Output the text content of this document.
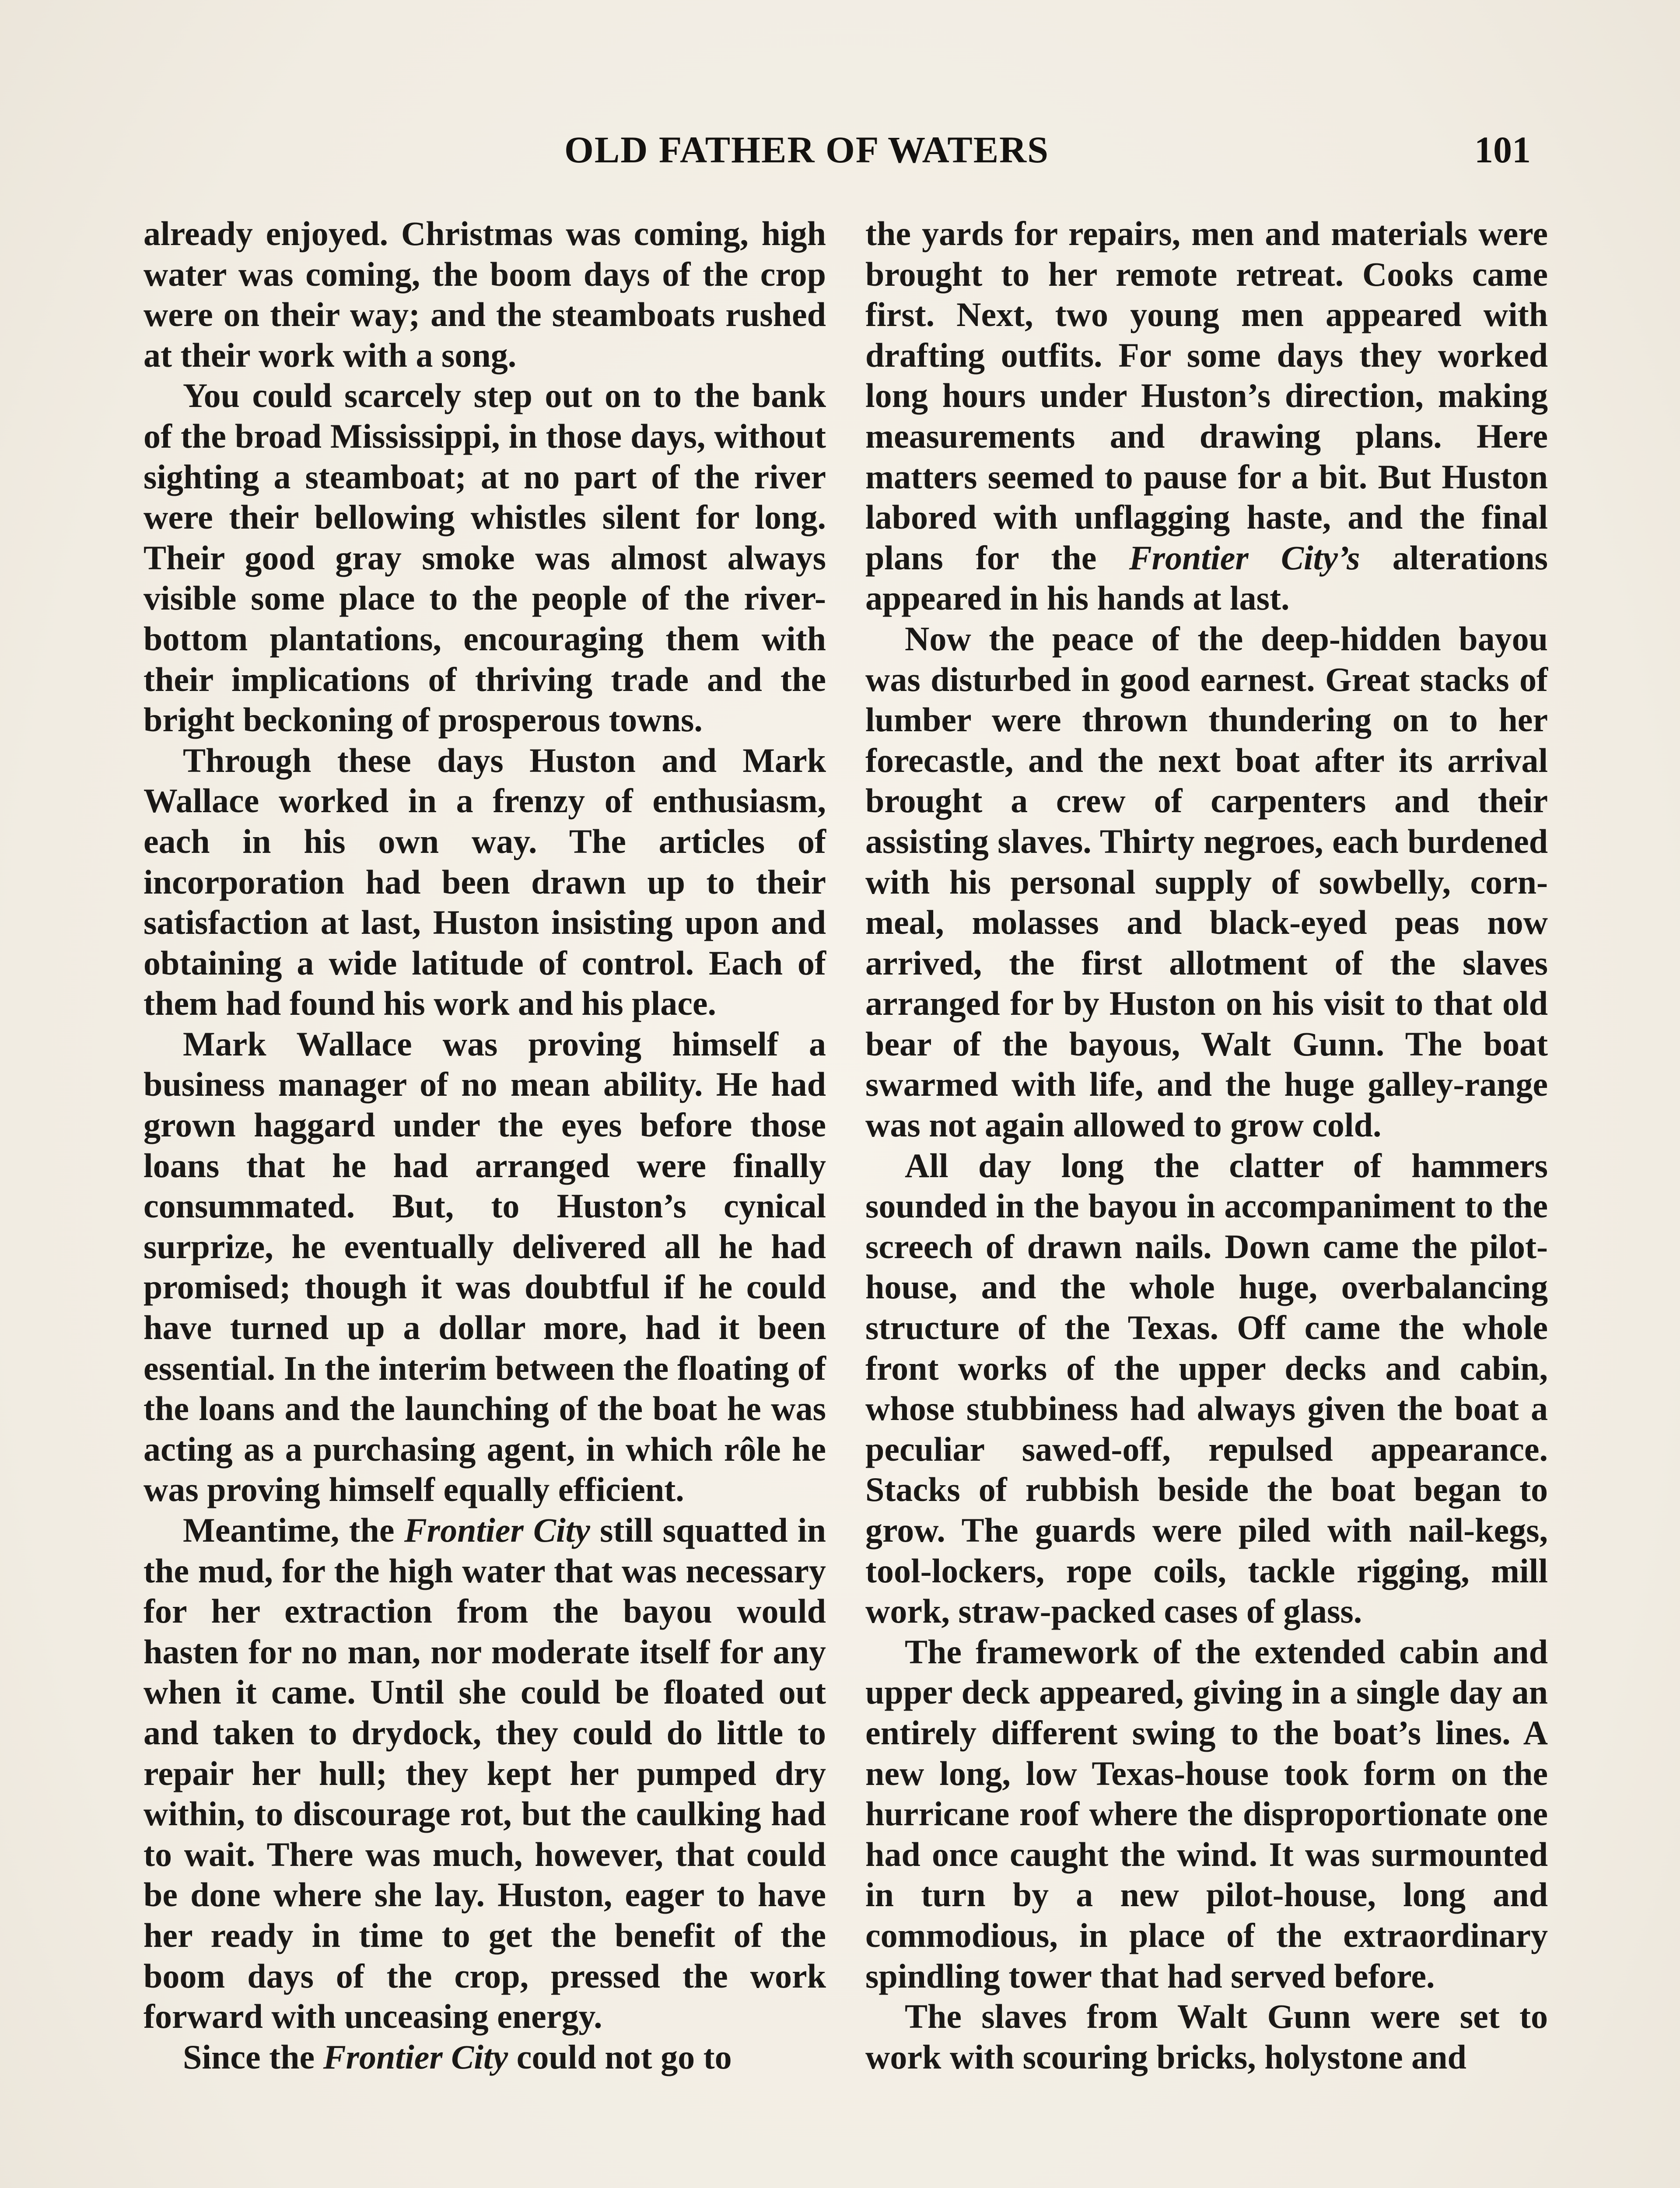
OLD FATHER OF WATERS	101

already enjoyed. Christmas was coming, high water was coming, the boom days of the crop were on their way; and the steamboats rushed at their work with a song.

You could scarcely step out on to the bank of the broad Mississippi, in those days, without sighting a steamboat; at no part of the river were their bellowing whistles silent for long. Their good gray smoke was almost always visible some place to the people of the river-bottom plantations, encouraging them with their implications of thriving trade and the bright beckoning of prosperous towns.

Through these days Huston and Mark Wallace worked in a frenzy of enthusiasm, each in his own way. The articles of incorporation had been drawn up to their satisfaction at last, Huston insisting upon and obtaining a wide latitude of control. Each of them had found his work and his place.

Mark Wallace was proving himself a business manager of no mean ability. He had grown haggard under the eyes before those loans that he had arranged were finally consummated. But, to Huston’s cynical surprize, he eventually delivered all he had promised; though it was doubtful if he could have turned up a dollar more, had it been essential. In the interim between the floating of the loans and the launching of the boat he was acting as a purchasing agent, in which rôle he was proving himself equally efficient.

Meantime, the Frontier City still squatted in the mud, for the high water that was necessary for her extraction from the bayou would hasten for no man, nor moderate itself for any when it came. Until she could be floated out and taken to drydock, they could do little to repair her hull; they kept her pumped dry within, to discourage rot, but the caulking had to wait. There was much, however, that could be done where she lay. Huston, eager to have her ready in time to get the benefit of the boom days of the crop, pressed the work forward with unceasing energy.

Since the Frontier City could not go to

the yards for repairs, men and materials were brought to her remote retreat. Cooks came first. Next, two young men appeared with drafting outfits. For some days they worked long hours under Huston’s direction, making measurements and drawing plans. Here matters seemed to pause for a bit. But Huston labored with unflagging haste, and the final plans for the Frontier City’s alterations appeared in his hands at last.

Now the peace of the deep-hidden bayou was disturbed in good earnest. Great stacks of lumber were thrown thundering on to her forecastle, and the next boat after its arrival brought a crew of carpenters and their assisting slaves. Thirty negroes, each burdened with his personal supply of sowbelly, corn-meal, molasses and black-eyed peas now arrived, the first allotment of the slaves arranged for by Huston on his visit to that old bear of the bayous, Walt Gunn. The boat swarmed with life, and the huge galley-range was not again allowed to grow cold.

All day long the clatter of hammers sounded in the bayou in accompaniment to the screech of drawn nails. Down came the pilot-house, and the whole huge, overbalancing structure of the Texas. Off came the whole front works of the upper decks and cabin, whose stubbiness had always given the boat a peculiar sawed-off, repulsed appearance. Stacks of rubbish beside the boat began to grow. The guards were piled with nail-kegs, tool-lockers, rope coils, tackle rigging, mill work, straw-packed cases of glass.

The framework of the extended cabin and upper deck appeared, giving in a single day an entirely different swing to the boat’s lines. A new long, low Texas-house took form on the hurricane roof where the disproportionate one had once caught the wind. It was surmounted in turn by a new pilot-house, long and commodious, in place of the extraordinary spindling tower that had served before.

The slaves from Walt Gunn were set to work with scouring bricks, holystone and
